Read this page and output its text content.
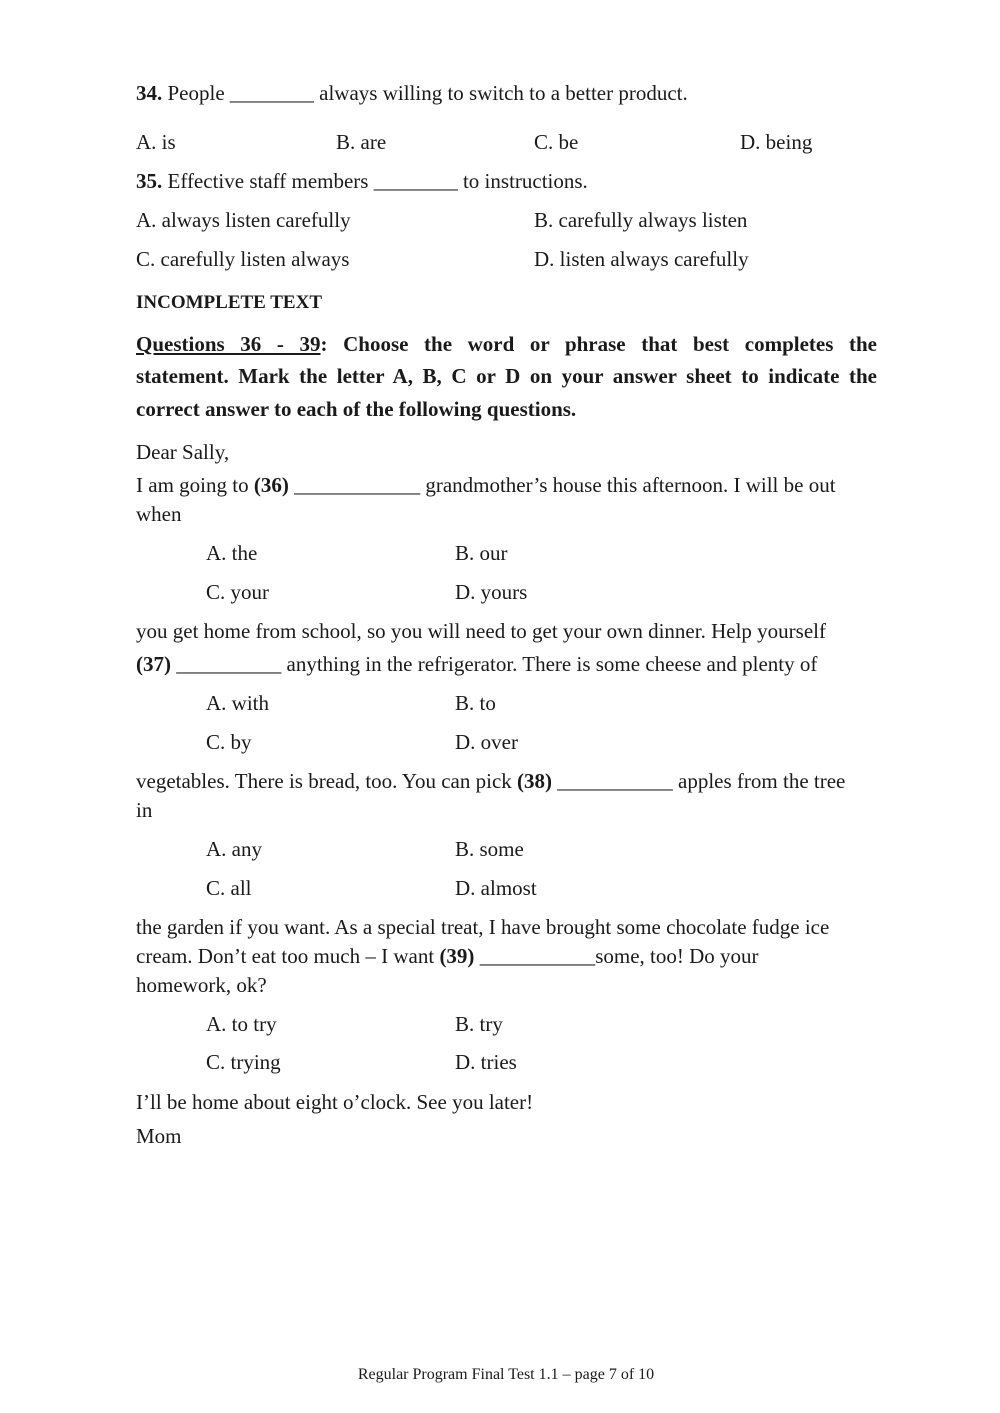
34. People ________ always willing to switch to a better product.
A. is	B. are	C. be	D. being
35. Effective staff members ________ to instructions.
A. always listen carefully	B. carefully always listen
C. carefully listen always	D. listen always carefully
INCOMPLETE TEXT
Questions 36 - 39: Choose the word or phrase that best completes the
statement. Mark the letter A, B, C or D on your answer sheet to indicate the
correct answer to each of the following questions.
Dear Sally,
I am going to (36) ____________ grandmother’s house this afternoon. I will be out
when
A. the	B. our
C. your	D. yours
you get home from school, so you will need to get your own dinner. Help yourself
(37) __________ anything in the refrigerator. There is some cheese and plenty of
A. with	B. to
C. by	D. over
vegetables. There is bread, too. You can pick (38) ___________ apples from the tree
in
A. any	B. some
C. all	D. almost
the garden if you want. As a special treat, I have brought some chocolate fudge ice
cream. Don’t eat too much – I want (39) ___________some, too! Do your
homework, ok?
A. to try	B. try
C. trying	D. tries
I’ll be home about eight o’clock. See you later!
Mom
Regular Program Final Test 1.1 – page 7 of 10
